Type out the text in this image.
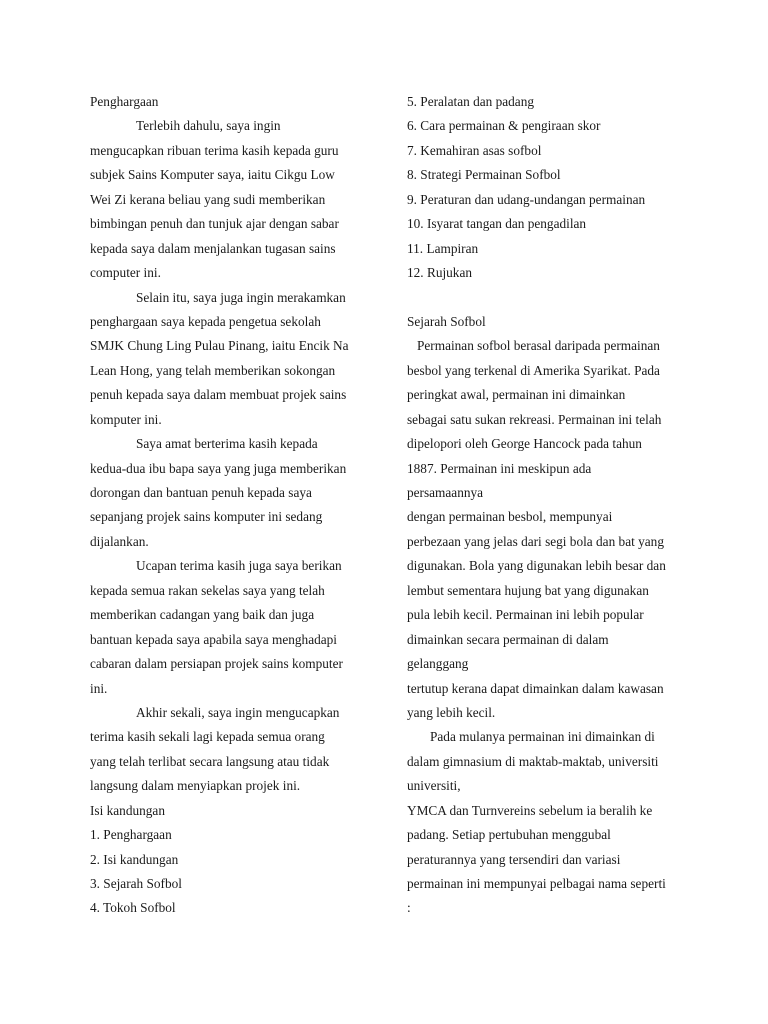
Penghargaan
Terlebih dahulu, saya ingin
mengucapkan ribuan terima kasih kepada guru
subjek Sains Komputer saya, iaitu Cikgu Low
Wei Zi kerana beliau yang sudi memberikan
bimbingan penuh dan tunjuk ajar dengan sabar
kepada saya dalam menjalankan tugasan sains
computer ini.
Selain itu, saya juga ingin merakamkan
penghargaan saya kepada pengetua sekolah
SMJK Chung Ling Pulau Pinang, iaitu Encik Na
Lean Hong, yang telah memberikan sokongan
penuh kepada saya dalam membuat projek sains
komputer ini.
Saya amat berterima kasih kepada
kedua-dua ibu bapa saya yang juga memberikan
dorongan dan bantuan penuh kepada saya
sepanjang projek sains komputer ini sedang
dijalankan.
Ucapan terima kasih juga saya berikan
kepada semua rakan sekelas saya yang telah
memberikan cadangan yang baik dan juga
bantuan kepada saya apabila saya menghadapi
cabaran dalam persiapan projek sains komputer
ini.
Akhir sekali, saya ingin mengucapkan
terima kasih sekali lagi kepada semua orang
yang telah terlibat secara langsung atau tidak
langsung dalam menyiapkan projek ini.
Isi kandungan
1. Penghargaan
2. Isi kandungan
3. Sejarah Sofbol
4. Tokoh Sofbol
5. Peralatan dan padang
6. Cara permainan & pengiraan skor
7. Kemahiran asas sofbol
8. Strategi Permainan Sofbol
9. Peraturan dan udang-undangan permainan
10. Isyarat tangan dan pengadilan
11. Lampiran
12. Rujukan
Sejarah Sofbol
Permainan sofbol berasal daripada permainan
besbol yang terkenal di Amerika Syarikat. Pada
peringkat awal, permainan ini dimainkan
sebagai satu sukan rekreasi. Permainan ini telah
dipelopori oleh George Hancock pada tahun
1887. Permainan ini meskipun ada
persamaannya
dengan permainan besbol, mempunyai
perbezaan yang jelas dari segi bola dan bat yang
digunakan. Bola yang digunakan lebih besar dan
lembut sementara hujung bat yang digunakan
pula lebih kecil. Permainan ini lebih popular
dimainkan secara permainan di dalam
gelanggang
tertutup kerana dapat dimainkan dalam kawasan
yang lebih kecil.
Pada mulanya permainan ini dimainkan di
dalam gimnasium di maktab-maktab, universiti
universiti,
YMCA dan Turnvereins sebelum ia beralih ke
padang. Setiap pertubuhan menggubal
peraturannya yang tersendiri dan variasi
permainan ini mempunyai pelbagai nama seperti
:
